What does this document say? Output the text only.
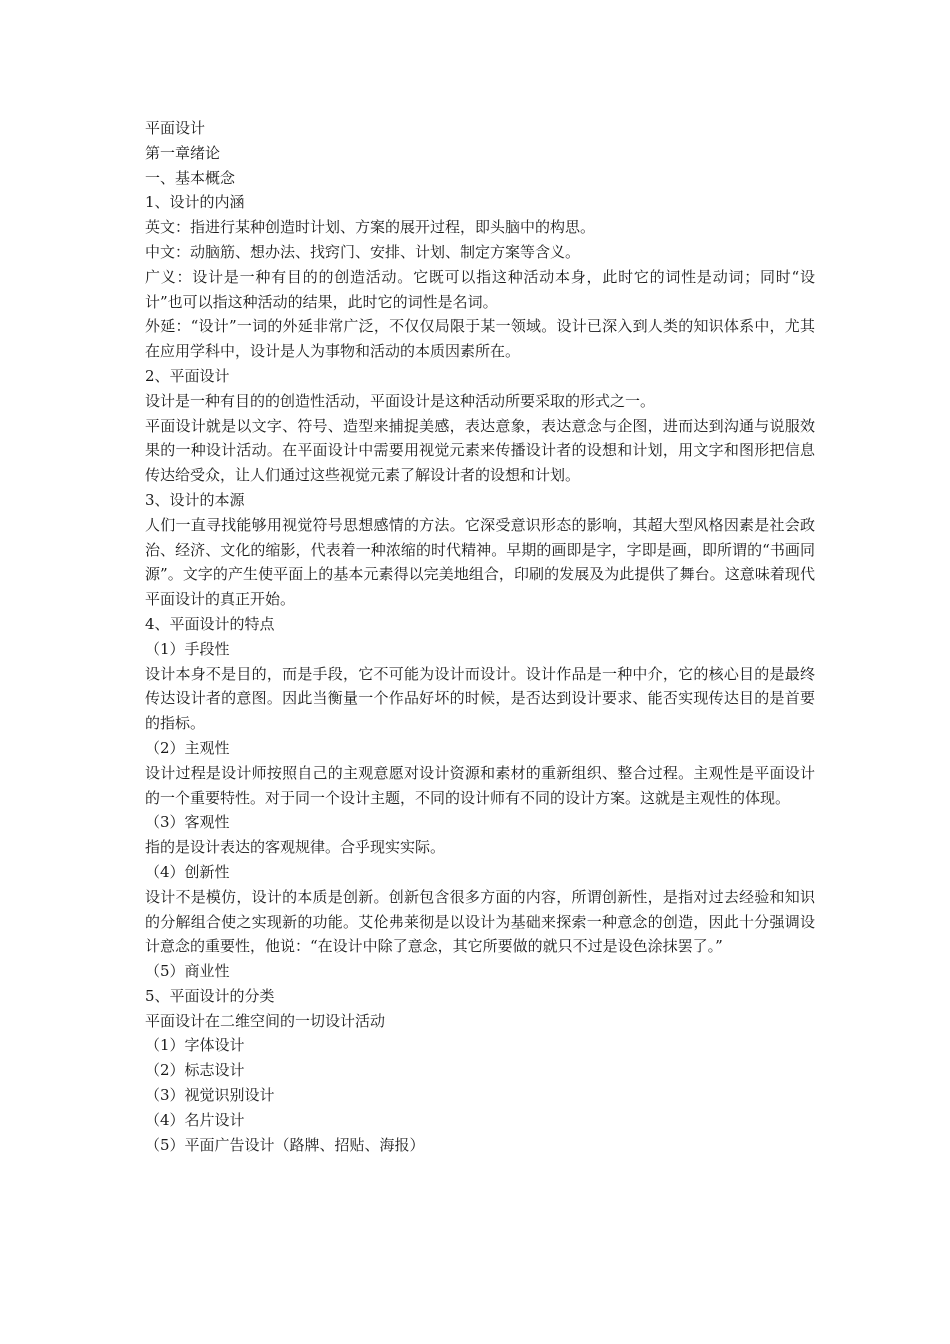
平面设计

第一章绪论

一、基本概念

1、设计的内涵

英文：指进行某种创造时计划、方案的展开过程，即头脑中的构思。

中文：动脑筋、想办法、找窍门、安排、计划、制定方案等含义。

广义：设计是一种有目的的创造活动。它既可以指这种活动本身，此时它的词性是动词；同时“设计”也可以指这种活动的结果，此时它的词性是名词。

外延：“设计”一词的外延非常广泛，不仅仅局限于某一领域。设计已深入到人类的知识体系中，尤其在应用学科中，设计是人为事物和活动的本质因素所在。

2、平面设计

设计是一种有目的的创造性活动，平面设计是这种活动所要采取的形式之一。

平面设计就是以文字、符号、造型来捕捉美感，表达意象，表达意念与企图，进而达到沟通与说服效果的一种设计活动。在平面设计中需要用视觉元素来传播设计者的设想和计划，用文字和图形把信息传达给受众，让人们通过这些视觉元素了解设计者的设想和计划。

3、设计的本源

人们一直寻找能够用视觉符号思想感情的方法。它深受意识形态的影响，其超大型风格因素是社会政治、经济、文化的缩影，代表着一种浓缩的时代精神。早期的画即是字，字即是画，即所谓的“书画同源”。文字的产生使平面上的基本元素得以完美地组合，印刷的发展及为此提供了舞台。这意味着现代平面设计的真正开始。

4、平面设计的特点

（1）手段性

设计本身不是目的，而是手段，它不可能为设计而设计。设计作品是一种中介，它的核心目的是最终传达设计者的意图。因此当衡量一个作品好坏的时候，是否达到设计要求、能否实现传达目的是首要的指标。

（2）主观性

设计过程是设计师按照自己的主观意愿对设计资源和素材的重新组织、整合过程。主观性是平面设计的一个重要特性。对于同一个设计主题，不同的设计师有不同的设计方案。这就是主观性的体现。

（3）客观性

指的是设计表达的客观规律。合乎现实实际。

（4）创新性

设计不是模仿，设计的本质是创新。创新包含很多方面的内容，所谓创新性，是指对过去经验和知识的分解组合使之实现新的功能。艾伦弗莱彻是以设计为基础来探索一种意念的创造，因此十分强调设计意念的重要性，他说：“在设计中除了意念，其它所要做的就只不过是设色涂抹罢了。”

（5）商业性

5、平面设计的分类

平面设计在二维空间的一切设计活动

（1）字体设计

（2）标志设计

（3）视觉识别设计

（4）名片设计

（5）平面广告设计（路牌、招贴、海报）
